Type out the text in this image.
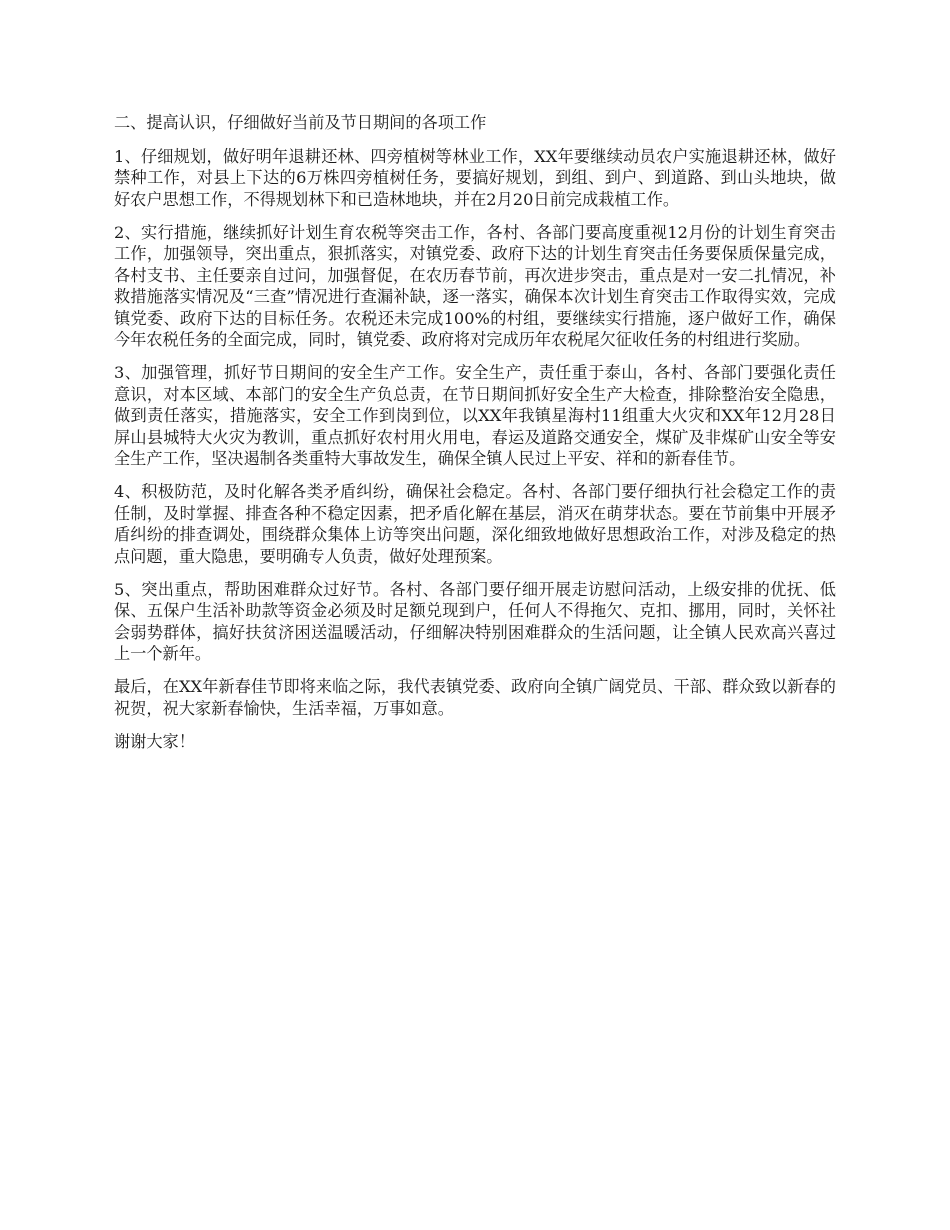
二、提高认识，仔细做好当前及节日期间的各项工作

1、仔细规划，做好明年退耕还林、四旁植树等林业工作，XX年要继续动员农户实施退耕还林，做好禁种工作，对县上下达的6万株四旁植树任务，要搞好规划，到组、到户、到道路、到山头地块，做好农户思想工作，不得规划林下和已造林地块，并在2月20日前完成栽植工作。

2、实行措施，继续抓好计划生育农税等突击工作，各村、各部门要高度重视12月份的计划生育突击工作，加强领导，突出重点，狠抓落实，对镇党委、政府下达的计划生育突击任务要保质保量完成，各村支书、主任要亲自过问，加强督促，在农历春节前，再次进步突击，重点是对一安二扎情况，补救措施落实情况及“三查”情况进行查漏补缺，逐一落实，确保本次计划生育突击工作取得实效，完成镇党委、政府下达的目标任务。农税还未完成100%的村组，要继续实行措施，逐户做好工作，确保今年农税任务的全面完成，同时，镇党委、政府将对完成历年农税尾欠征收任务的村组进行奖励。

3、加强管理，抓好节日期间的安全生产工作。安全生产，责任重于泰山，各村、各部门要强化责任意识，对本区域、本部门的安全生产负总责，在节日期间抓好安全生产大检查，排除整治安全隐患，做到责任落实，措施落实，安全工作到岗到位，以XX年我镇星海村11组重大火灾和XX年12月28日屏山县城特大火灾为教训，重点抓好农村用火用电，春运及道路交通安全，煤矿及非煤矿山安全等安全生产工作，坚决遏制各类重特大事故发生，确保全镇人民过上平安、祥和的新春佳节。

4、积极防范，及时化解各类矛盾纠纷，确保社会稳定。各村、各部门要仔细执行社会稳定工作的责任制，及时掌握、排查各种不稳定因素，把矛盾化解在基层，消灭在萌芽状态。要在节前集中开展矛盾纠纷的排查调处，围绕群众集体上访等突出问题，深化细致地做好思想政治工作，对涉及稳定的热点问题，重大隐患，要明确专人负责，做好处理预案。

5、突出重点，帮助困难群众过好节。各村、各部门要仔细开展走访慰问活动，上级安排的优抚、低保、五保户生活补助款等资金必须及时足额兑现到户，任何人不得拖欠、克扣、挪用，同时，关怀社会弱势群体，搞好扶贫济困送温暖活动，仔细解决特别困难群众的生活问题，让全镇人民欢高兴喜过上一个新年。

最后，在XX年新春佳节即将来临之际，我代表镇党委、政府向全镇广阔党员、干部、群众致以新春的祝贺，祝大家新春愉快，生活幸福，万事如意。

谢谢大家！
